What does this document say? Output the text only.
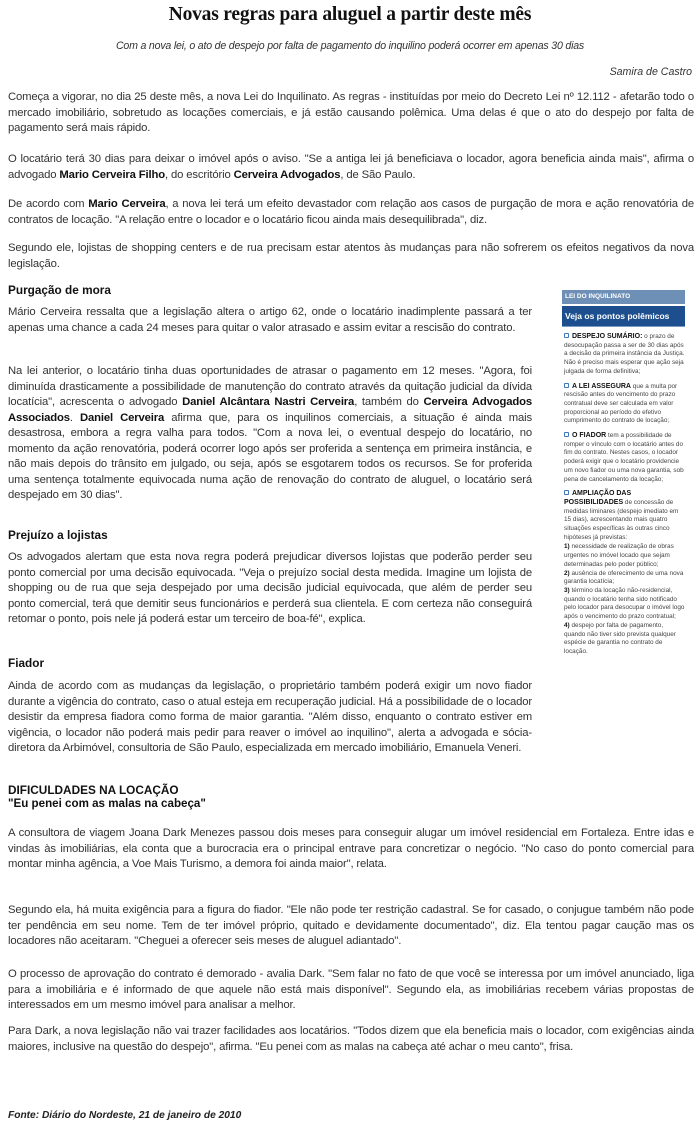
Novas regras para aluguel a partir deste mês
Com a nova lei, o ato de despejo por falta de pagamento do inquilino poderá ocorrer em apenas 30 dias
Samira de Castro

Começa a vigorar, no dia 25 deste mês, a nova Lei do Inquilinato. As regras - instituídas por meio do Decreto Lei nº 12.112 - afetarão todo o mercado imobiliário, sobretudo as locações comerciais, e já estão causando polêmica. Uma delas é que o ato do despejo por falta de pagamento será mais rápido.

O locatário terá 30 dias para deixar o imóvel após o aviso. "Se a antiga lei já beneficiava o locador, agora beneficia ainda mais", afirma o advogado Mario Cerveira Filho, do escritório Cerveira Advogados, de São Paulo.

De acordo com Mario Cerveira, a nova lei terá um efeito devastador com relação aos casos de purgação de mora e ação renovatória de contratos de locação. "A relação entre o locador e o locatário ficou ainda mais desequilibrada", diz.

Segundo ele, lojistas de shopping centers e de rua precisam estar atentos às mudanças para não sofrerem os efeitos negativos da nova legislação.

Purgação de mora

Mário Cerveira ressalta que a legislação altera o artigo 62, onde o locatário inadimplente passará a ter apenas uma chance a cada 24 meses para quitar o valor atrasado e assim evitar a rescisão do contrato.

Na lei anterior, o locatário tinha duas oportunidades de atrasar o pagamento em 12 meses. "Agora, foi diminuída drasticamente a possibilidade de manutenção do contrato através da quitação judicial da dívida locatícia", acrescenta o advogado Daniel Alcântara Nastri Cerveira, também do Cerveira Advogados Associados. Daniel Cerveira afirma que, para os inquilinos comerciais, a situação é ainda mais desastrosa, embora a regra valha para todos. "Com a nova lei, o eventual despejo do locatário, no momento da ação renovatória, poderá ocorrer logo após ser proferida a sentença em primeira instância, e não mais depois do trânsito em julgado, ou seja, após se esgotarem todos os recursos. Se for proferida uma sentença totalmente equivocada numa ação de renovação do contrato de aluguel, o locatário será despejado em 30 dias".

Prejuízo a lojistas

Os advogados alertam que esta nova regra poderá prejudicar diversos lojistas que poderão perder seu ponto comercial por uma decisão equivocada. "Veja o prejuízo social desta medida. Imagine um lojista de shopping ou de rua que seja despejado por uma decisão judicial equivocada, que além de perder seu ponto comercial, terá que demitir seus funcionários e perderá sua clientela. E com certeza não conseguirá retomar o ponto, pois nele já poderá estar um terceiro de boa-fé", explica.

Fiador

Ainda de acordo com as mudanças da legislação, o proprietário também poderá exigir um novo fiador durante a vigência do contrato, caso o atual esteja em recuperação judicial. Há a possibilidade de o locador desistir da empresa fiadora como forma de maior garantia. "Além disso, enquanto o contrato estiver em vigência, o locador não poderá mais pedir para reaver o imóvel ao inquilino", alerta a advogada e sócia-diretora da Arbimóvel, consultoria de São Paulo, especializada em mercado imobiliário, Emanuela Veneri.

DIFICULDADES NA LOCAÇÃO
"Eu penei com as malas na cabeça"

A consultora de viagem Joana Dark Menezes passou dois meses para conseguir alugar um imóvel residencial em Fortaleza. Entre idas e vindas às imobiliárias, ela conta que a burocracia era o principal entrave para concretizar o negócio. "No caso do ponto comercial para montar minha agência, a Voe Mais Turismo, a demora foi ainda maior", relata.

Segundo ela, há muita exigência para a figura do fiador. "Ele não pode ter restrição cadastral. Se for casado, o conjugue também não pode ter pendência em seu nome. Tem de ter imóvel próprio, quitado e devidamente documentado", diz. Ela tentou pagar caução mas os locadores não aceitaram. "Cheguei a oferecer seis meses de aluguel adiantado".

O processo de aprovação do contrato é demorado - avalia Dark. "Sem falar no fato de que você se interessa por um imóvel anunciado, liga para a imobiliária e é informado de que aquele não está mais disponível". Segundo ela, as imobiliárias recebem várias propostas de interessados em um mesmo imóvel para analisar a melhor.

Para Dark, a nova legislação não vai trazer facilidades aos locatários. "Todos dizem que ela beneficia mais o locador, com exigências ainda maiores, inclusive na questão do despejo", afirma. "Eu penei com as malas na cabeça até achar o meu canto", frisa.

Fonte: Diário do Nordeste, 21 de janeiro de 2010
LEI DO INQUILINATO
Veja os pontos polêmicos
DESPEJO SUMÁRIO: o prazo de desocupação passa a ser de 30 dias após a decisão da primeira instância da Justiça. Não é preciso mais esperar que ação seja julgada de forma definitiva;
A LEI ASSEGURA que a multa por rescisão antes do vencimento do prazo contratual deve ser calculada em valor proporcional ao período do efetivo cumprimento do contrato de locação;
O FIADOR tem a possibilidade de romper o vínculo com o locatário antes do fim do contrato. Nestes casos, o locador poderá exigir que o locatário providencie um novo fiador ou uma nova garantia, sob pena de cancelamento da locação;
AMPLIAÇÃO DAS POSSIBILIDADES de concessão de medidas liminares (despejo imediato em 15 dias), acrescentando mais quatro situações específicas às outras cinco hipóteses já previstas:
1) necessidade de realização de obras urgentes no imóvel locado que sejam determinadas pelo poder público;
2) ausência de oferecimento de uma nova garantia locatícia;
3) término da locação não-residencial, quando o locatário tenha sido notificado pelo locador para desocupar o imóvel logo após o vencimento do prazo contratual;
4) despejo por falta de pagamento, quando não tiver sido prevista qualquer espécie de garantia no contrato de locação.
